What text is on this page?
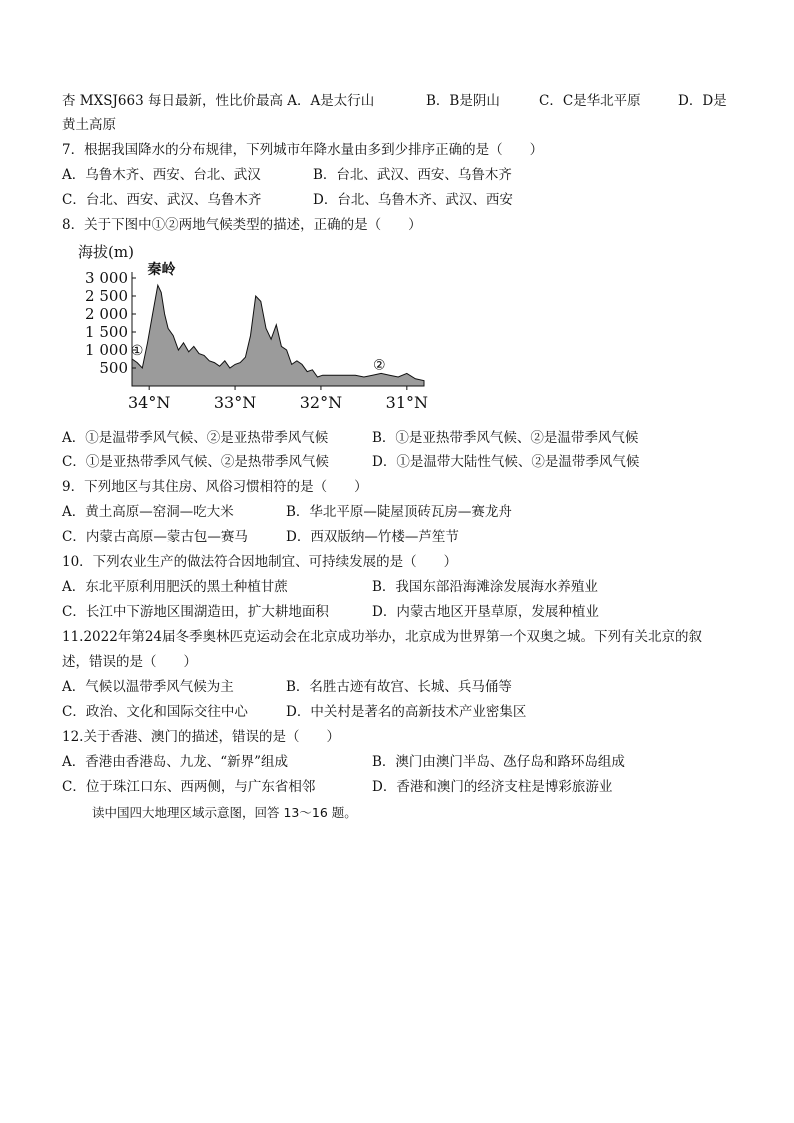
杏 MXSJ663 每日最新，性比价最高 A．A是太行山	B．B是阴山	C．C是华北平原	D．D是
黄土高原
7．根据我国降水的分布规律，下列城市年降水量由多到少排序正确的是（　　）
A．乌鲁木齐、西安、台北、武汉	B．台北、武汉、西安、乌鲁木齐
C．台北、西安、武汉、乌鲁木齐	D．台北、乌鲁木齐、武汉、西安
8．关于下图中①②两地气候类型的描述，正确的是（　　）
海拔(m)
3 000
2 500
2 000
1 500
1 000
500
34°N	33°N	32°N	31°N
秦岭
①
②
A．①是温带季风气候、②是亚热带季风气候	B．①是亚热带季风气候、②是温带季风气候
C．①是亚热带季风气候、②是热带季风气候	D．①是温带大陆性气候、②是温带季风气候
9．下列地区与其住房、风俗习惯相符的是（　　）
A．黄土高原—窑洞—吃大米	B．华北平原—陡屋顶砖瓦房—赛龙舟
C．内蒙古高原—蒙古包—赛马	D．西双版纳—竹楼—芦笙节
10．下列农业生产的做法符合因地制宜、可持续发展的是（　　）
A．东北平原利用肥沃的黑土种植甘蔗	B．我国东部沿海滩涂发展海水养殖业
C．长江中下游地区围湖造田，扩大耕地面积	D．内蒙古地区开垦草原，发展种植业
11.2022年第24届冬季奥林匹克运动会在北京成功举办，北京成为世界第一个双奥之城。下列有关北京的叙
述，错误的是（　　）
A．气候以温带季风气候为主	B．名胜古迹有故宫、长城、兵马俑等
C．政治、文化和国际交往中心	D．中关村是著名的高新技术产业密集区
12.关于香港、澳门的描述，错误的是（　　）
A．香港由香港岛、九龙、“新界”组成	B．澳门由澳门半岛、氹仔岛和路环岛组成
C．位于珠江口东、西两侧，与广东省相邻	D．香港和澳门的经济支柱是博彩旅游业
读中国四大地理区域示意图，回答 13～16 题。
